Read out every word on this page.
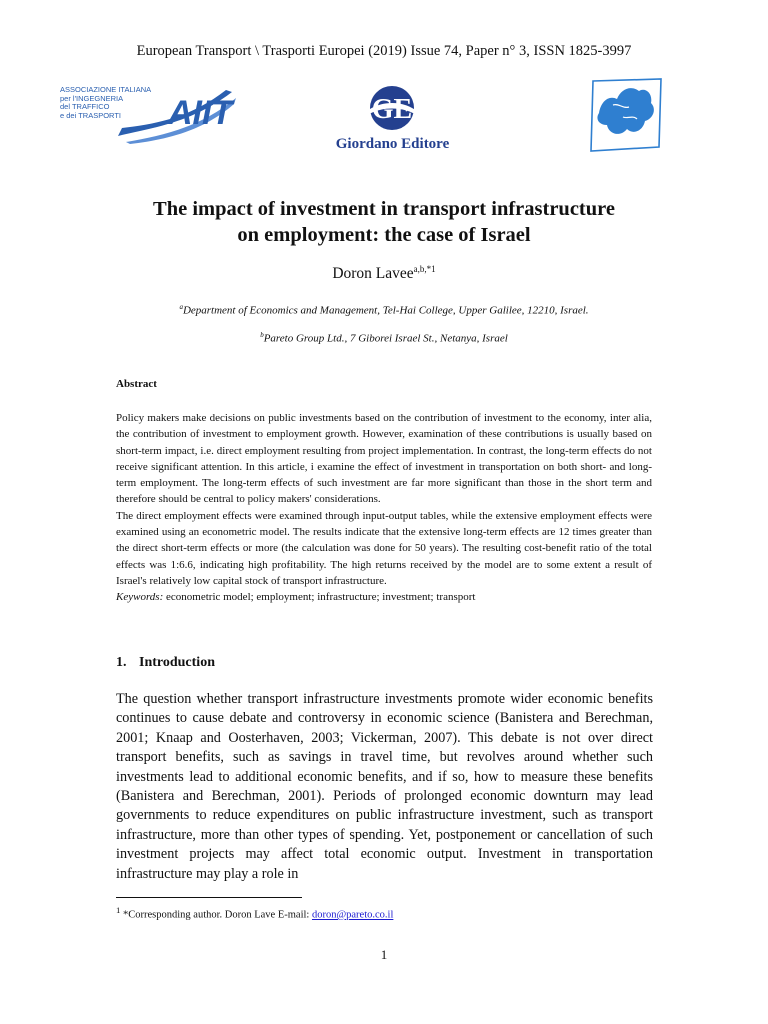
European Transport \ Trasporti Europei (2019) Issue 74, Paper n° 3, ISSN 1825-3997
ASSOCIAZIONE ITALIANA
per l'INGEGNERIA
del TRAFFICO
e dei TRASPORTI	AIIT	GE
Giordano Editore
The impact of investment in transport infrastructure
on employment: the case of Israel
Doron Lavee$^{a,b,*1}$
$^a$Department of Economics and Management, Tel-Hai College, Upper Galilee, 12210, Israel.
$^b$Pareto Group Ltd., 7 Giborei Israel St., Netanya, Israel
Abstract

Policy makers make decisions on public investments based on the contribution of investment to the economy, inter alia, the contribution of investment to employment growth. However, examination of these contributions is usually based on short-term impact, i.e. direct employment resulting from project implementation. In contrast, the long-term effects do not receive significant attention. In this article, i examine the effect of investment in transportation on both short- and long-term employment. The long-term effects of such investment are far more significant than those in the short term and therefore should be central to policy makers' considerations.

The direct employment effects were examined through input-output tables, while the extensive employment effects were examined using an econometric model. The results indicate that the extensive long-term effects are 12 times greater than the direct short-term effects or more (the calculation was done for 50 years). The resulting cost-benefit ratio of the total effects was 1:6.6, indicating high profitability. The high returns received by the model are to some extent a result of Israel's relatively low capital stock of transport infrastructure.

Keywords: econometric model; employment; infrastructure; investment; transport

1. Introduction

The question whether transport infrastructure investments promote wider economic benefits continues to cause debate and controversy in economic science (Banistera and Berechman, 2001; Knaap and Oosterhaven, 2003; Vickerman, 2007). This debate is not over direct transport benefits, such as savings in travel time, but revolves around whether such investments lead to additional economic benefits, and if so, how to measure these benefits (Banistera and Berechman, 2001). Periods of prolonged economic downturn may lead governments to reduce expenditures on public infrastructure investment, such as transport infrastructure, more than other types of spending. Yet, postponement or cancellation of such investment projects may affect total economic output. Investment in transportation infrastructure may play a role in

$^1$ *Corresponding author. Doron Lave E-mail: doron@pareto.co.il
1
